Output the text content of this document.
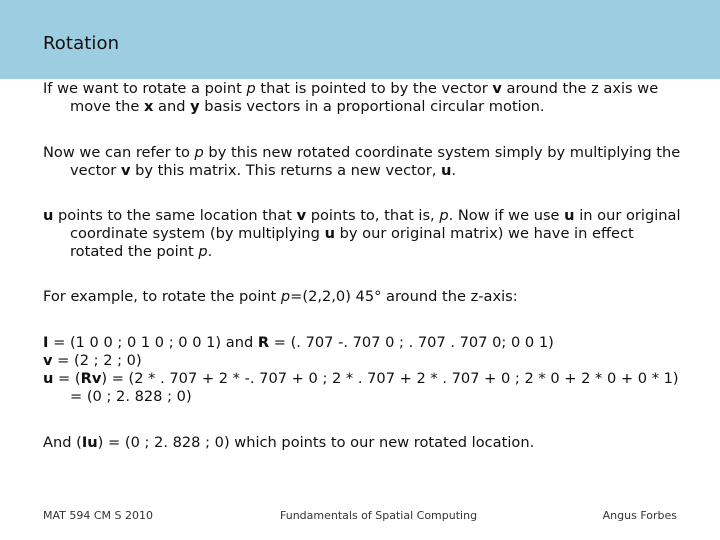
Rotation

If we want to rotate a point p that is pointed to by the vector v around the z axis we move the x and y basis vectors in a proportional circular motion.

Now we can refer to p by this new rotated coordinate system simply by multiplying the vector v by this matrix. This returns a new vector, u.

u points to the same location that v points to, that is, p. Now if we use u in our original coordinate system (by multiplying u by our original matrix) we have in effect rotated the point p.

For example, to rotate the point p=(2,2,0) 45° around the z-axis:

I = (1 0 0 ; 0 1 0 ; 0 0 1) and R = (. 707 -. 707 0 ; . 707 . 707 0; 0 0 1)
v = (2 ; 2 ; 0)
u = (Rv) = (2 * . 707 + 2 * -. 707 + 0 ; 2 * . 707 + 2 * . 707 + 0 ; 2 * 0 + 2 * 0 + 0 * 1) = (0 ; 2. 828 ; 0)

And (Iu) = (0 ; 2. 828 ; 0) which points to our new rotated location.

MAT 594 CM S 2010	Fundamentals of Spatial Computing	Angus Forbes
